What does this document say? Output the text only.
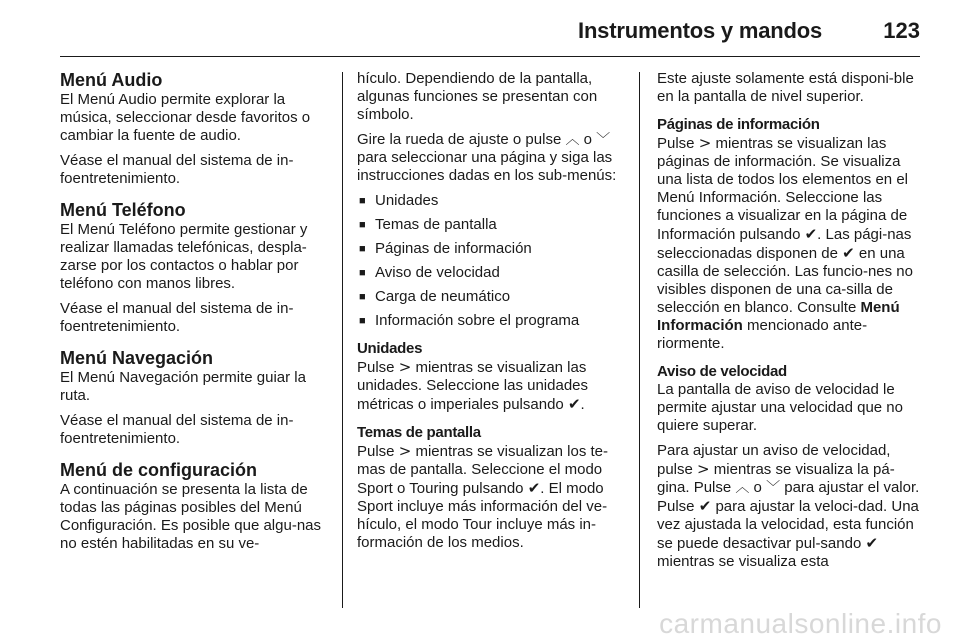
Instrumentos y mandos	123
Menú Audio

El Menú Audio permite explorar la música, seleccionar desde favoritos o cambiar la fuente de audio.

Véase el manual del sistema de in-foentretenimiento.

Menú Teléfono

El Menú Teléfono permite gestionar y realizar llamadas telefónicas, despla-zarse por los contactos o hablar por teléfono con manos libres.

Véase el manual del sistema de in-foentretenimiento.

Menú Navegación

El Menú Navegación permite guiar la ruta.

Véase el manual del sistema de in-foentretenimiento.

Menú de configuración

A continuación se presenta la lista de todas las páginas posibles del Menú Configuración. Es posible que algu-nas no estén habilitadas en su ve-

hículo. Dependiendo de la pantalla, algunas funciones se presentan con símbolo.

Gire la rueda de ajuste o pulse ︿ o ﹀ para seleccionar una página y siga las instrucciones dadas en los sub-menús:

■ Unidades
■ Temas de pantalla
■ Páginas de información
■ Aviso de velocidad
■ Carga de neumático
■ Información sobre el programa
Unidades

Pulse > mientras se visualizan las unidades. Seleccione las unidades métricas o imperiales pulsando ✔.

Temas de pantalla

Pulse > mientras se visualizan los te-mas de pantalla. Seleccione el modo Sport o Touring pulsando ✔. El modo Sport incluye más información del ve-hículo, el modo Tour incluye más in-formación de los medios.

Este ajuste solamente está disponi-ble en la pantalla de nivel superior.

Páginas de información

Pulse > mientras se visualizan las páginas de información. Se visualiza una lista de todos los elementos en el Menú Información. Seleccione las funciones a visualizar en la página de Información pulsando ✔. Las pági-nas seleccionadas disponen de ✔ en una casilla de selección. Las funcio-nes no visibles disponen de una ca-silla de selección en blanco. Consulte Menú Información mencionado ante-riormente.

Aviso de velocidad

La pantalla de aviso de velocidad le permite ajustar una velocidad que no quiere superar.

Para ajustar un aviso de velocidad, pulse > mientras se visualiza la pá-gina. Pulse ︿ o ﹀ para ajustar el valor. Pulse ✔ para ajustar la veloci-dad. Una vez ajustada la velocidad, esta función se puede desactivar pul-sando ✔ mientras se visualiza esta

carmanualsonline.info
